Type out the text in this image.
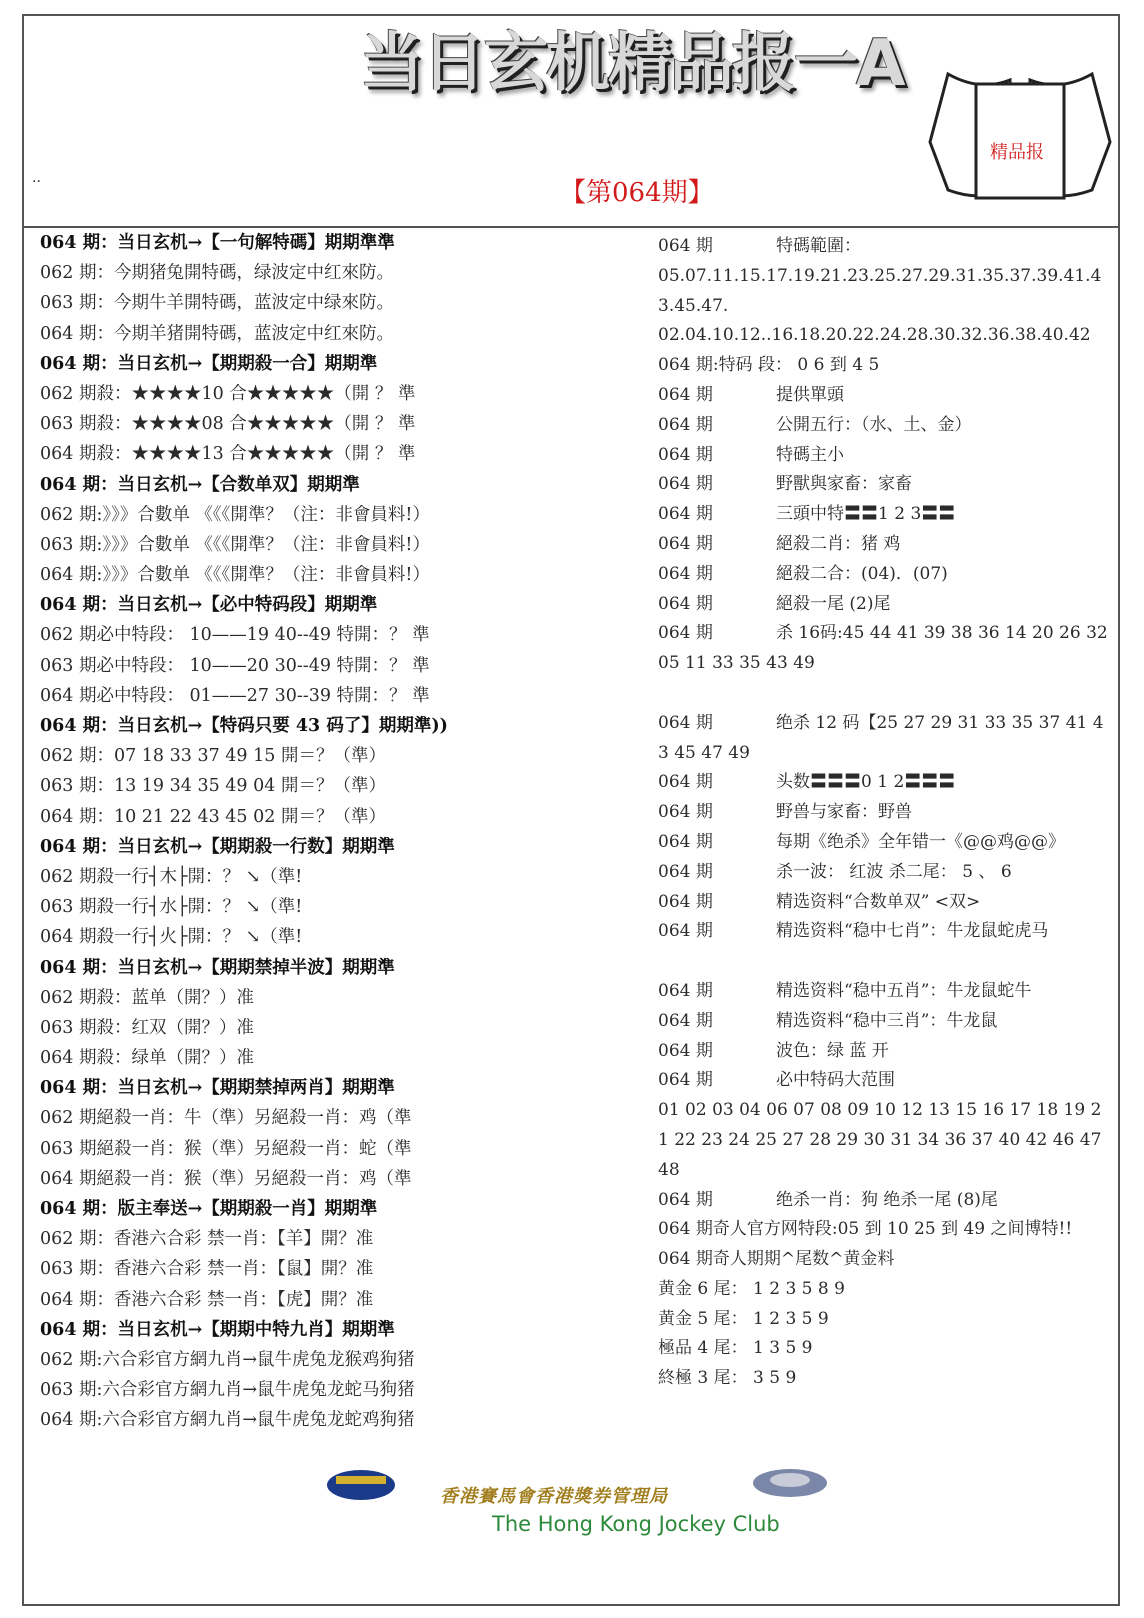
当日玄机精品报一A
精品报
..	【第064期】
064 期：当日玄机→【一句解特碼】期期準準
062 期：今期猪兔開特碼，绿波定中红來防。
063 期：今期牛羊開特碼，蓝波定中绿來防。
064 期：今期羊猪開特碼，蓝波定中红來防。
064 期：当日玄机→【期期殺一合】期期準
062 期殺：★★★★10 合★★★★★（開 ？ 準
063 期殺：★★★★08 合★★★★★（開 ？ 準
064 期殺：★★★★13 合★★★★★（開 ？ 準
064 期：当日玄机→【合数单双】期期準
062 期:》》》合數单 《《《開準？（注：非會員料!）
063 期:》》》合數单 《《《開準？（注：非會員料!）
064 期:》》》合數单 《《《開準？（注：非會員料!）
064 期：当日玄机→【必中特码段】期期準
062 期必中特段： 10——19 40--49 特開：？ 準
063 期必中特段： 10——20 30--49 特開：？ 準
064 期必中特段： 01——27 30--39 特開：？ 準
064 期：当日玄机→【特码只要 43 码了】期期準))
062 期：07 18 33 37 49 15 開＝？（準）
063 期：13 19 34 35 49 04 開＝？（準）
064 期：10 21 22 43 45 02 開＝？（準）
064 期：当日玄机→【期期殺一行数】期期準
062 期殺一行┤木├開：？ ↘（準!
063 期殺一行┤水├開：？ ↘（準!
064 期殺一行┤火├開：？ ↘（準!
064 期：当日玄机→【期期禁掉半波】期期準
062 期殺：蓝单（開？）准
063 期殺：红双（開？）准
064 期殺：绿单（開？）准
064 期：当日玄机→【期期禁掉两肖】期期準
062 期絕殺一肖：牛（準）另絕殺一肖：鸡（準
063 期絕殺一肖：猴（準）另絕殺一肖：蛇（準
064 期絕殺一肖：猴（準）另絕殺一肖：鸡（準
064 期：版主奉送→【期期殺一肖】期期準
062 期：香港六合彩 禁一肖：【羊】開？准
063 期：香港六合彩 禁一肖：【鼠】開？准
064 期：香港六合彩 禁一肖：【虎】開？准
064 期：当日玄机→【期期中特九肖】期期準
062 期:六合彩官方網九肖→鼠牛虎兔龙猴鸡狗猪
063 期:六合彩官方網九肖→鼠牛虎兔龙蛇马狗猪
064 期:六合彩官方網九肖→鼠牛虎兔龙蛇鸡狗猪
064 期	特碼範圍：
05.07.11.15.17.19.21.23.25.27.29.31.35.37.39.41.43.45.47.
02.04.10.12..16.18.20.22.24.28.30.32.36.38.40.42
064 期:特码 段： 0 6 到 4 5
064 期	提供單頭
064 期	公開五行：（水、土、金）
064 期	特碼主小
064 期	野獸與家畜：家畜
064 期	三頭中特〓〓1 2 3〓〓
064 期	絕殺二肖：猪 鸡
064 期	絕殺二合：(04)．(07)
064 期	絕殺一尾 (2)尾
064 期	杀 16码:45 44 41 39 38 36 14 20 26 32 05 11 33 35 43 49
064 期	绝杀 12 码【25 27 29 31 33 35 37 41 43 45 47 49
064 期	头数〓〓〓0 1 2〓〓〓
064 期	野兽与家畜：野兽
064 期	每期《绝杀》全年错一《@@鸡@@》
064 期	杀一波： 红波 杀二尾： 5 、 6
064 期	精选资料“合数单双” <双>
064 期	精选资料“稳中七肖”：牛龙鼠蛇虎马
064 期	精选资料“稳中五肖”：牛龙鼠蛇牛
064 期	精选资料“稳中三肖”：牛龙鼠
064 期	波色：绿 蓝 开
064 期	必中特码大范围
01 02 03 04 06 07 08 09 10 12 13 15 16 17 18 19 21 22 23 24 25 27 28 29 30 31 34 36 37 40 42 46 47 48
064 期	绝杀一肖：狗 绝杀一尾 (8)尾
064 期奇人官方网特段:05 到 10 25 到 49 之间博特!!
064 期奇人期期^尾数^黄金料
黄金 6 尾： 1 2 3 5 8 9
黄金 5 尾： 1 2 3 5 9
極品 4 尾： 1 3 5 9
終極 3 尾： 3 5 9
香港賽馬會香港獎券管理局
The Hong Kong Jockey Club
